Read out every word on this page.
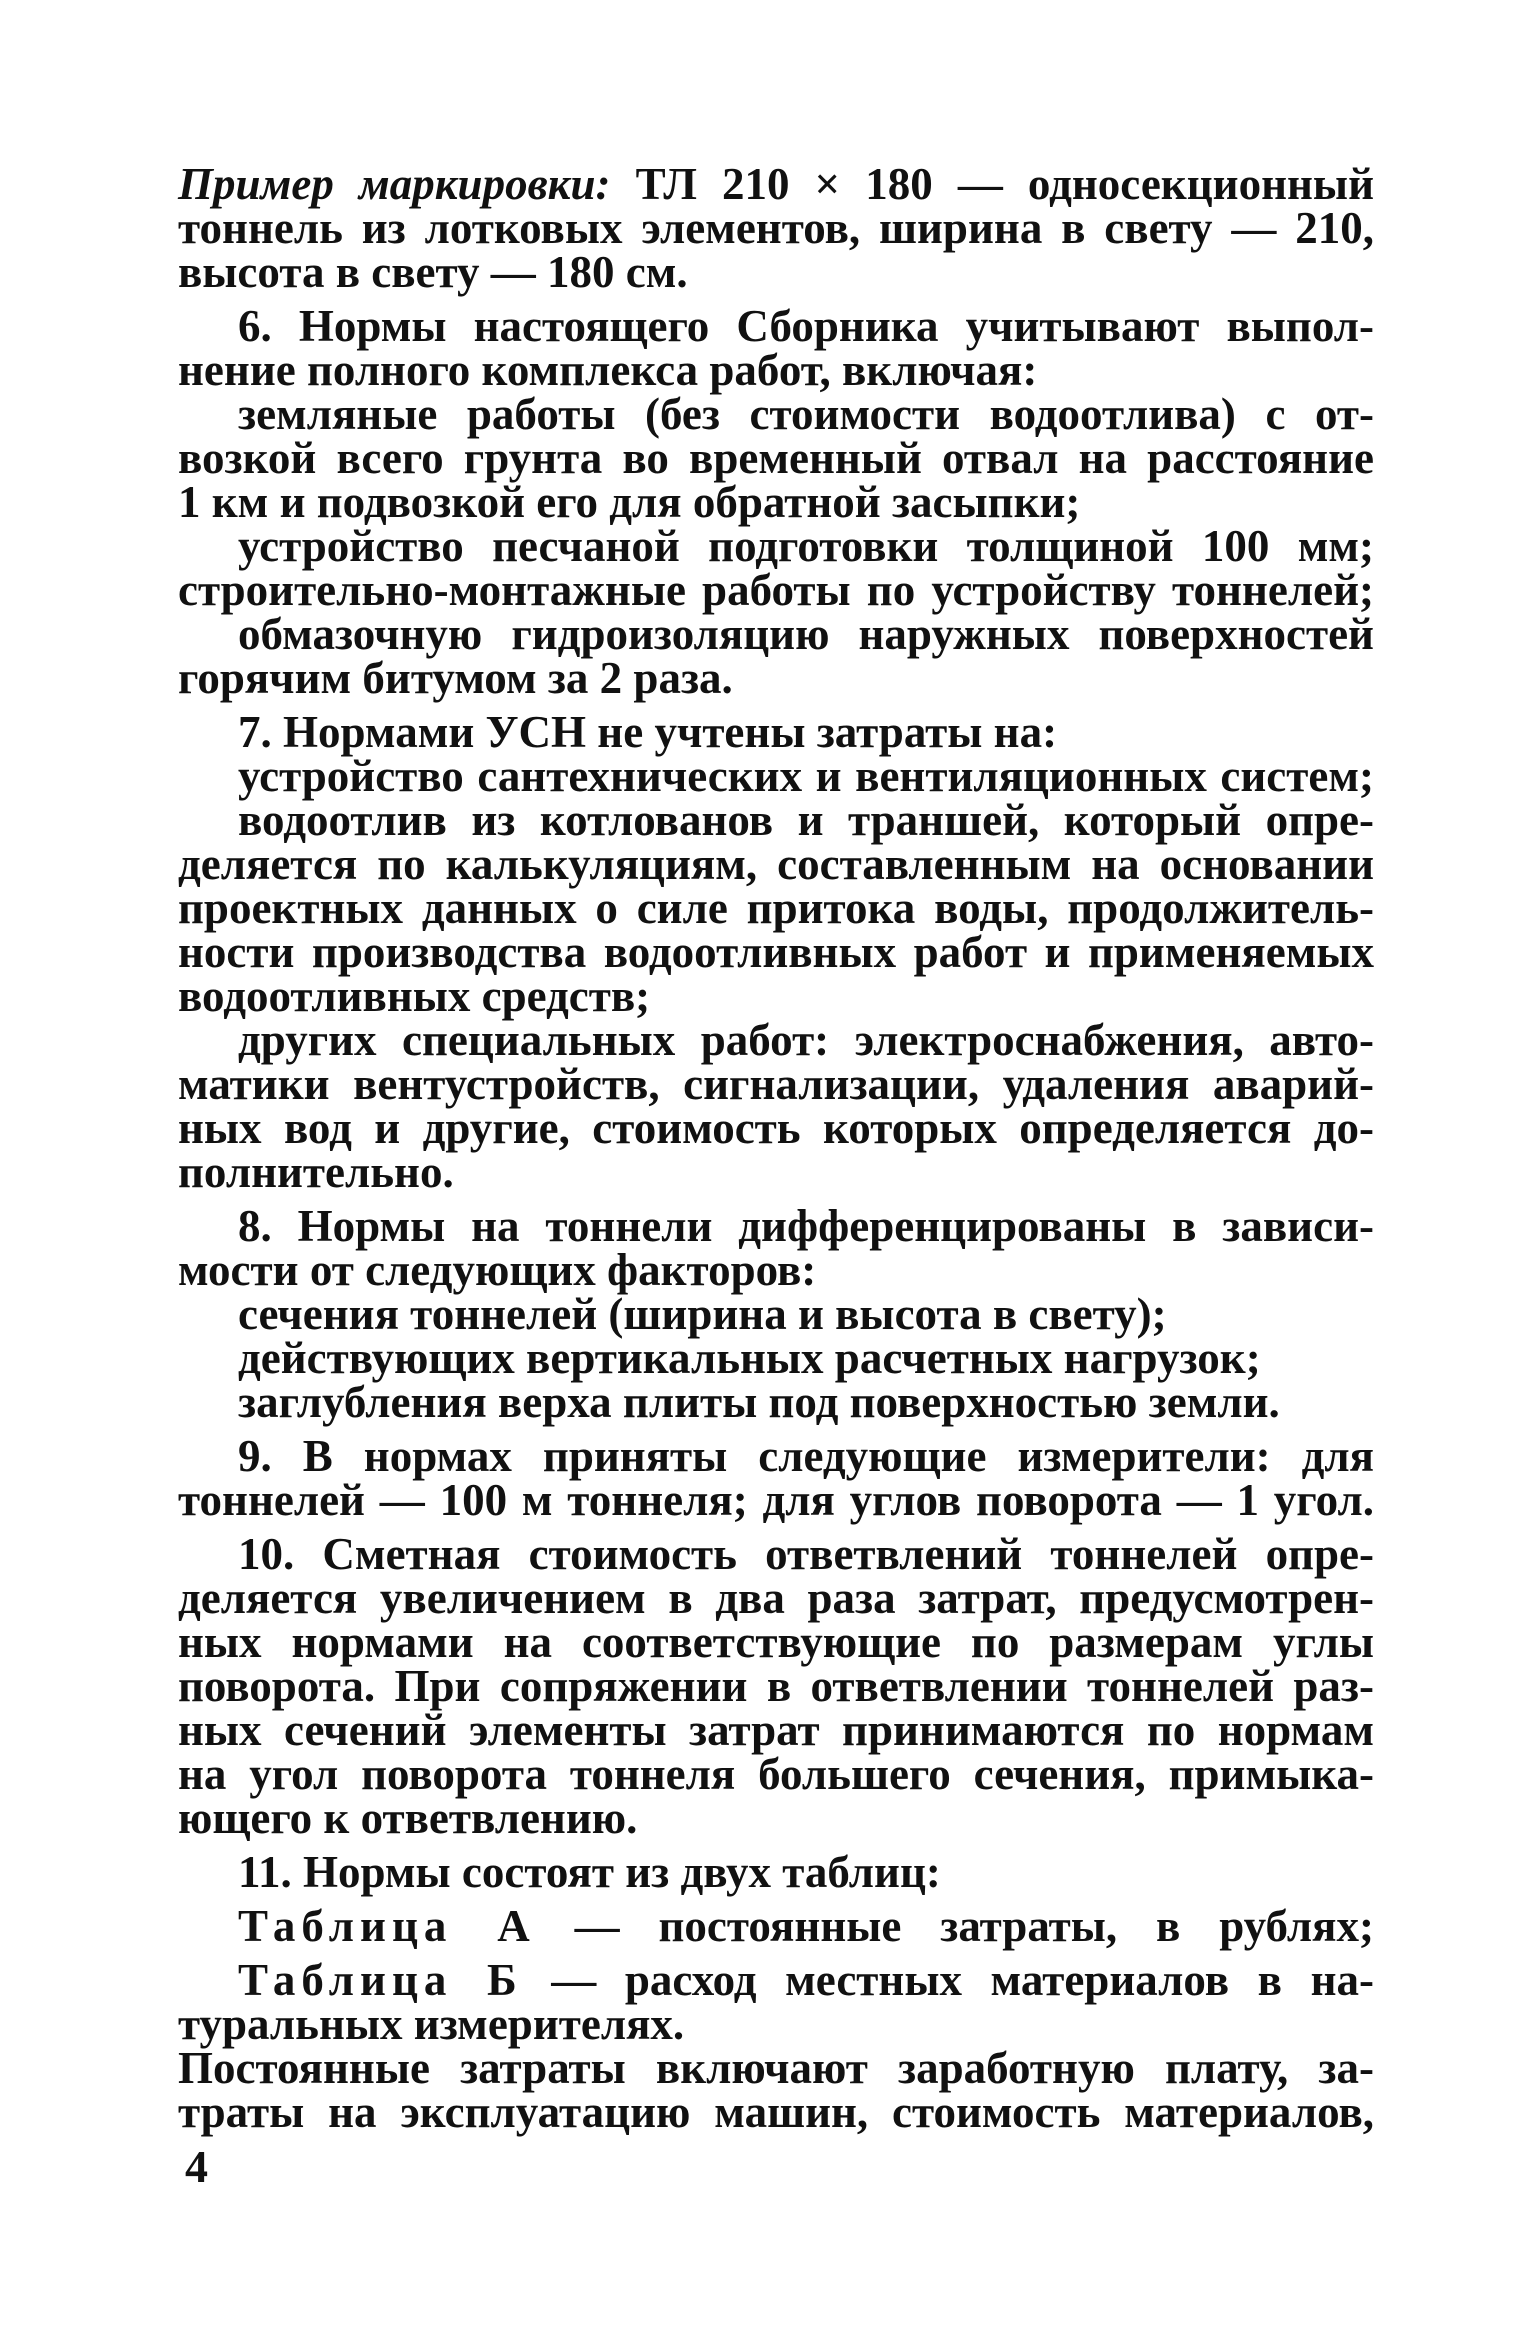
Пример маркировки: ТЛ 210 × 180 — односекционный
тоннель из лотковых элементов, ширина в свету — 210,
высота в свету — 180 см.
6. Нормы настоящего Сборника учитывают выпол-
нение полного комплекса работ, включая:
земляные работы (без стоимости водоотлива) с от-
возкой всего грунта во временный отвал на расстояние
1 км и подвозкой его для обратной засыпки;
устройство песчаной подготовки толщиной 100 мм;
строительно-монтажные работы по устройству тоннелей;
обмазочную гидроизоляцию наружных поверхностей
горячим битумом за 2 раза.
7. Нормами УСН не учтены затраты на:
устройство сантехнических и вентиляционных систем;
водоотлив из котлованов и траншей, который опре-
деляется по калькуляциям, составленным на основании
проектных данных о силе притока воды, продолжитель-
ности производства водоотливных работ и применяемых
водоотливных средств;
других специальных работ: электроснабжения, авто-
матики вентустройств, сигнализации, удаления аварий-
ных вод и другие, стоимость которых определяется до-
полнительно.
8. Нормы на тоннели дифференцированы в зависи-
мости от следующих факторов:
сечения тоннелей (ширина и высота в свету);
действующих вертикальных расчетных нагрузок;
заглубления верха плиты под поверхностью земли.
9. В нормах приняты следующие измерители: для
тоннелей — 100 м тоннеля; для углов поворота — 1 угол.
10. Сметная стоимость ответвлений тоннелей опре-
деляется увеличением в два раза затрат, предусмотрен-
ных нормами на соответствующие по размерам углы
поворота. При сопряжении в ответвлении тоннелей раз-
ных сечений элементы затрат принимаются по нормам
на угол поворота тоннеля большего сечения, примыка-
ющего к ответвлению.
11. Нормы состоят из двух таблиц:
Таблица А — постоянные затраты, в рублях;
Таблица Б — расход местных материалов в на-
туральных измерителях.
Постоянные затраты включают заработную плату, за-
траты на эксплуатацию машин, стоимость материалов,
4
